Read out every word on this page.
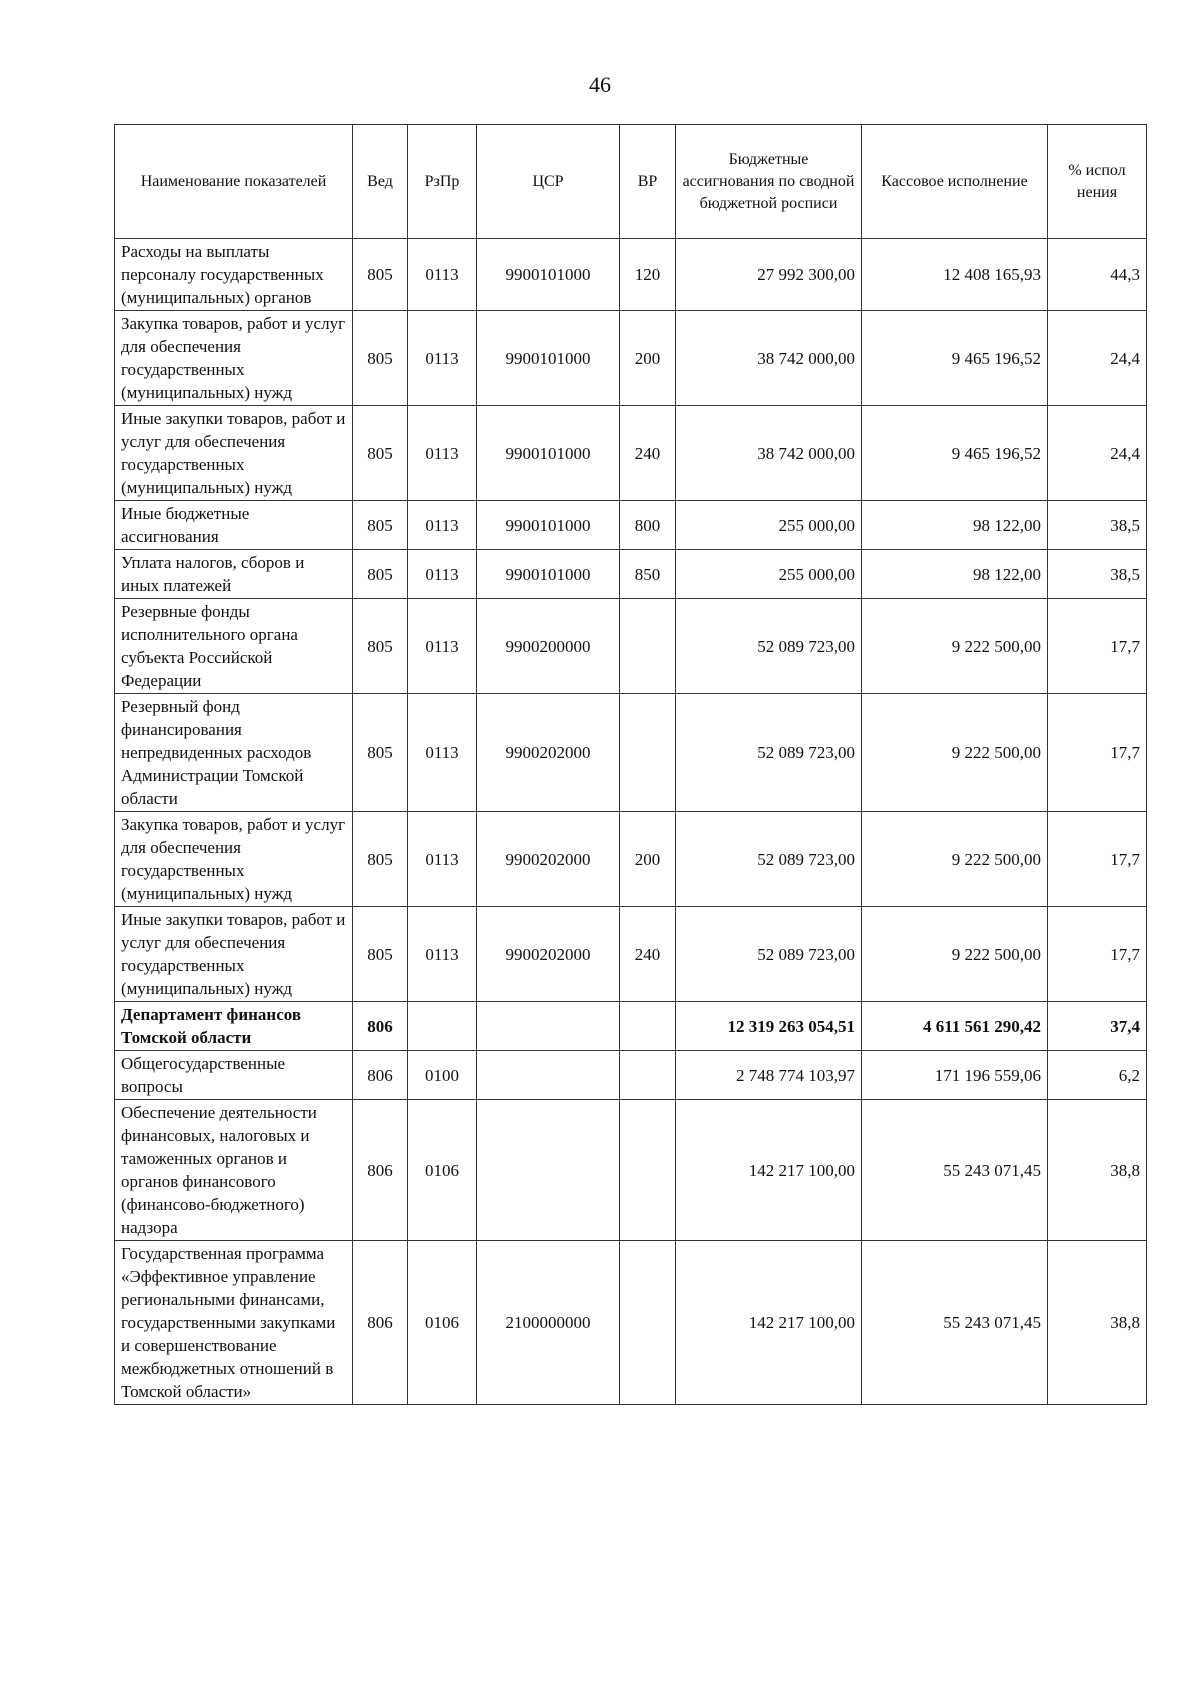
46
Наименование показателей	Вед	РзПр	ЦСР	ВР	Бюджетные ассигнования по сводной бюджетной росписи	Кассовое исполнение	% испол нения
Расходы на выплаты персоналу государственных (муниципальных) органов	805	0113	9900101000	120	27 992 300,00	12 408 165,93	44,3
Закупка товаров, работ и услуг для обеспечения государственных (муниципальных) нужд	805	0113	9900101000	200	38 742 000,00	9 465 196,52	24,4
Иные закупки товаров, работ и услуг для обеспечения государственных (муниципальных) нужд	805	0113	9900101000	240	38 742 000,00	9 465 196,52	24,4
Иные бюджетные ассигнования	805	0113	9900101000	800	255 000,00	98 122,00	38,5
Уплата налогов, сборов и иных платежей	805	0113	9900101000	850	255 000,00	98 122,00	38,5
Резервные фонды исполнительного органа субъекта Российской Федерации	805	0113	9900200000		52 089 723,00	9 222 500,00	17,7
Резервный фонд финансирования непредвиденных расходов Администрации Томской области	805	0113	9900202000		52 089 723,00	9 222 500,00	17,7
Закупка товаров, работ и услуг для обеспечения государственных (муниципальных) нужд	805	0113	9900202000	200	52 089 723,00	9 222 500,00	17,7
Иные закупки товаров, работ и услуг для обеспечения государственных (муниципальных) нужд	805	0113	9900202000	240	52 089 723,00	9 222 500,00	17,7
Департамент финансов Томской области	806				12 319 263 054,51	4 611 561 290,42	37,4
Общегосударственные вопросы	806	0100			2 748 774 103,97	171 196 559,06	6,2
Обеспечение деятельности финансовых, налоговых и таможенных органов и органов финансового (финансово-бюджетного) надзора	806	0106			142 217 100,00	55 243 071,45	38,8
Государственная программа «Эффективное управление региональными финансами, государственными закупками и совершенствование межбюджетных отношений в Томской области»	806	0106	2100000000		142 217 100,00	55 243 071,45	38,8
